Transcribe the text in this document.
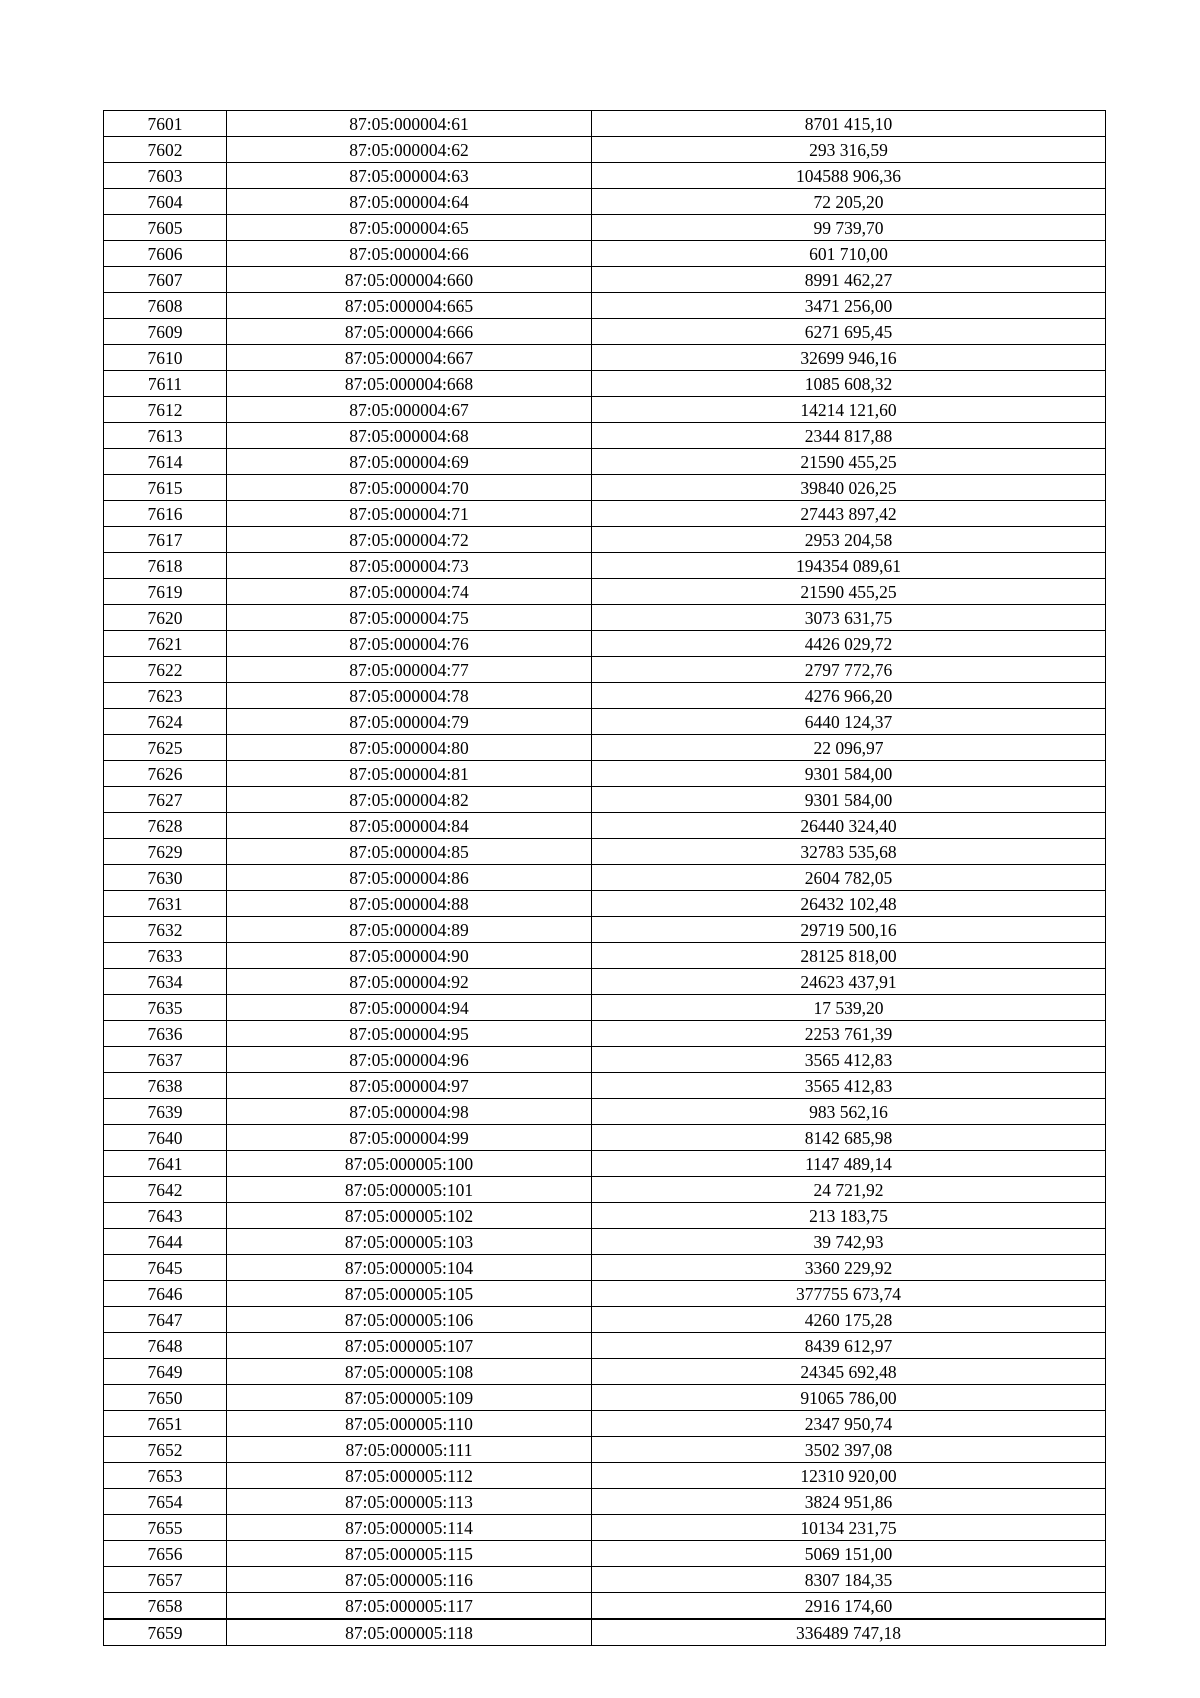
7601	87:05:000004:61	8701 415,10
7602	87:05:000004:62	293 316,59
7603	87:05:000004:63	104588 906,36
7604	87:05:000004:64	72 205,20
7605	87:05:000004:65	99 739,70
7606	87:05:000004:66	601 710,00
7607	87:05:000004:660	8991 462,27
7608	87:05:000004:665	3471 256,00
7609	87:05:000004:666	6271 695,45
7610	87:05:000004:667	32699 946,16
7611	87:05:000004:668	1085 608,32
7612	87:05:000004:67	14214 121,60
7613	87:05:000004:68	2344 817,88
7614	87:05:000004:69	21590 455,25
7615	87:05:000004:70	39840 026,25
7616	87:05:000004:71	27443 897,42
7617	87:05:000004:72	2953 204,58
7618	87:05:000004:73	194354 089,61
7619	87:05:000004:74	21590 455,25
7620	87:05:000004:75	3073 631,75
7621	87:05:000004:76	4426 029,72
7622	87:05:000004:77	2797 772,76
7623	87:05:000004:78	4276 966,20
7624	87:05:000004:79	6440 124,37
7625	87:05:000004:80	22 096,97
7626	87:05:000004:81	9301 584,00
7627	87:05:000004:82	9301 584,00
7628	87:05:000004:84	26440 324,40
7629	87:05:000004:85	32783 535,68
7630	87:05:000004:86	2604 782,05
7631	87:05:000004:88	26432 102,48
7632	87:05:000004:89	29719 500,16
7633	87:05:000004:90	28125 818,00
7634	87:05:000004:92	24623 437,91
7635	87:05:000004:94	17 539,20
7636	87:05:000004:95	2253 761,39
7637	87:05:000004:96	3565 412,83
7638	87:05:000004:97	3565 412,83
7639	87:05:000004:98	983 562,16
7640	87:05:000004:99	8142 685,98
7641	87:05:000005:100	1147 489,14
7642	87:05:000005:101	24 721,92
7643	87:05:000005:102	213 183,75
7644	87:05:000005:103	39 742,93
7645	87:05:000005:104	3360 229,92
7646	87:05:000005:105	377755 673,74
7647	87:05:000005:106	4260 175,28
7648	87:05:000005:107	8439 612,97
7649	87:05:000005:108	24345 692,48
7650	87:05:000005:109	91065 786,00
7651	87:05:000005:110	2347 950,74
7652	87:05:000005:111	3502 397,08
7653	87:05:000005:112	12310 920,00
7654	87:05:000005:113	3824 951,86
7655	87:05:000005:114	10134 231,75
7656	87:05:000005:115	5069 151,00
7657	87:05:000005:116	8307 184,35
7658	87:05:000005:117	2916 174,60
7659	87:05:000005:118	336489 747,18
